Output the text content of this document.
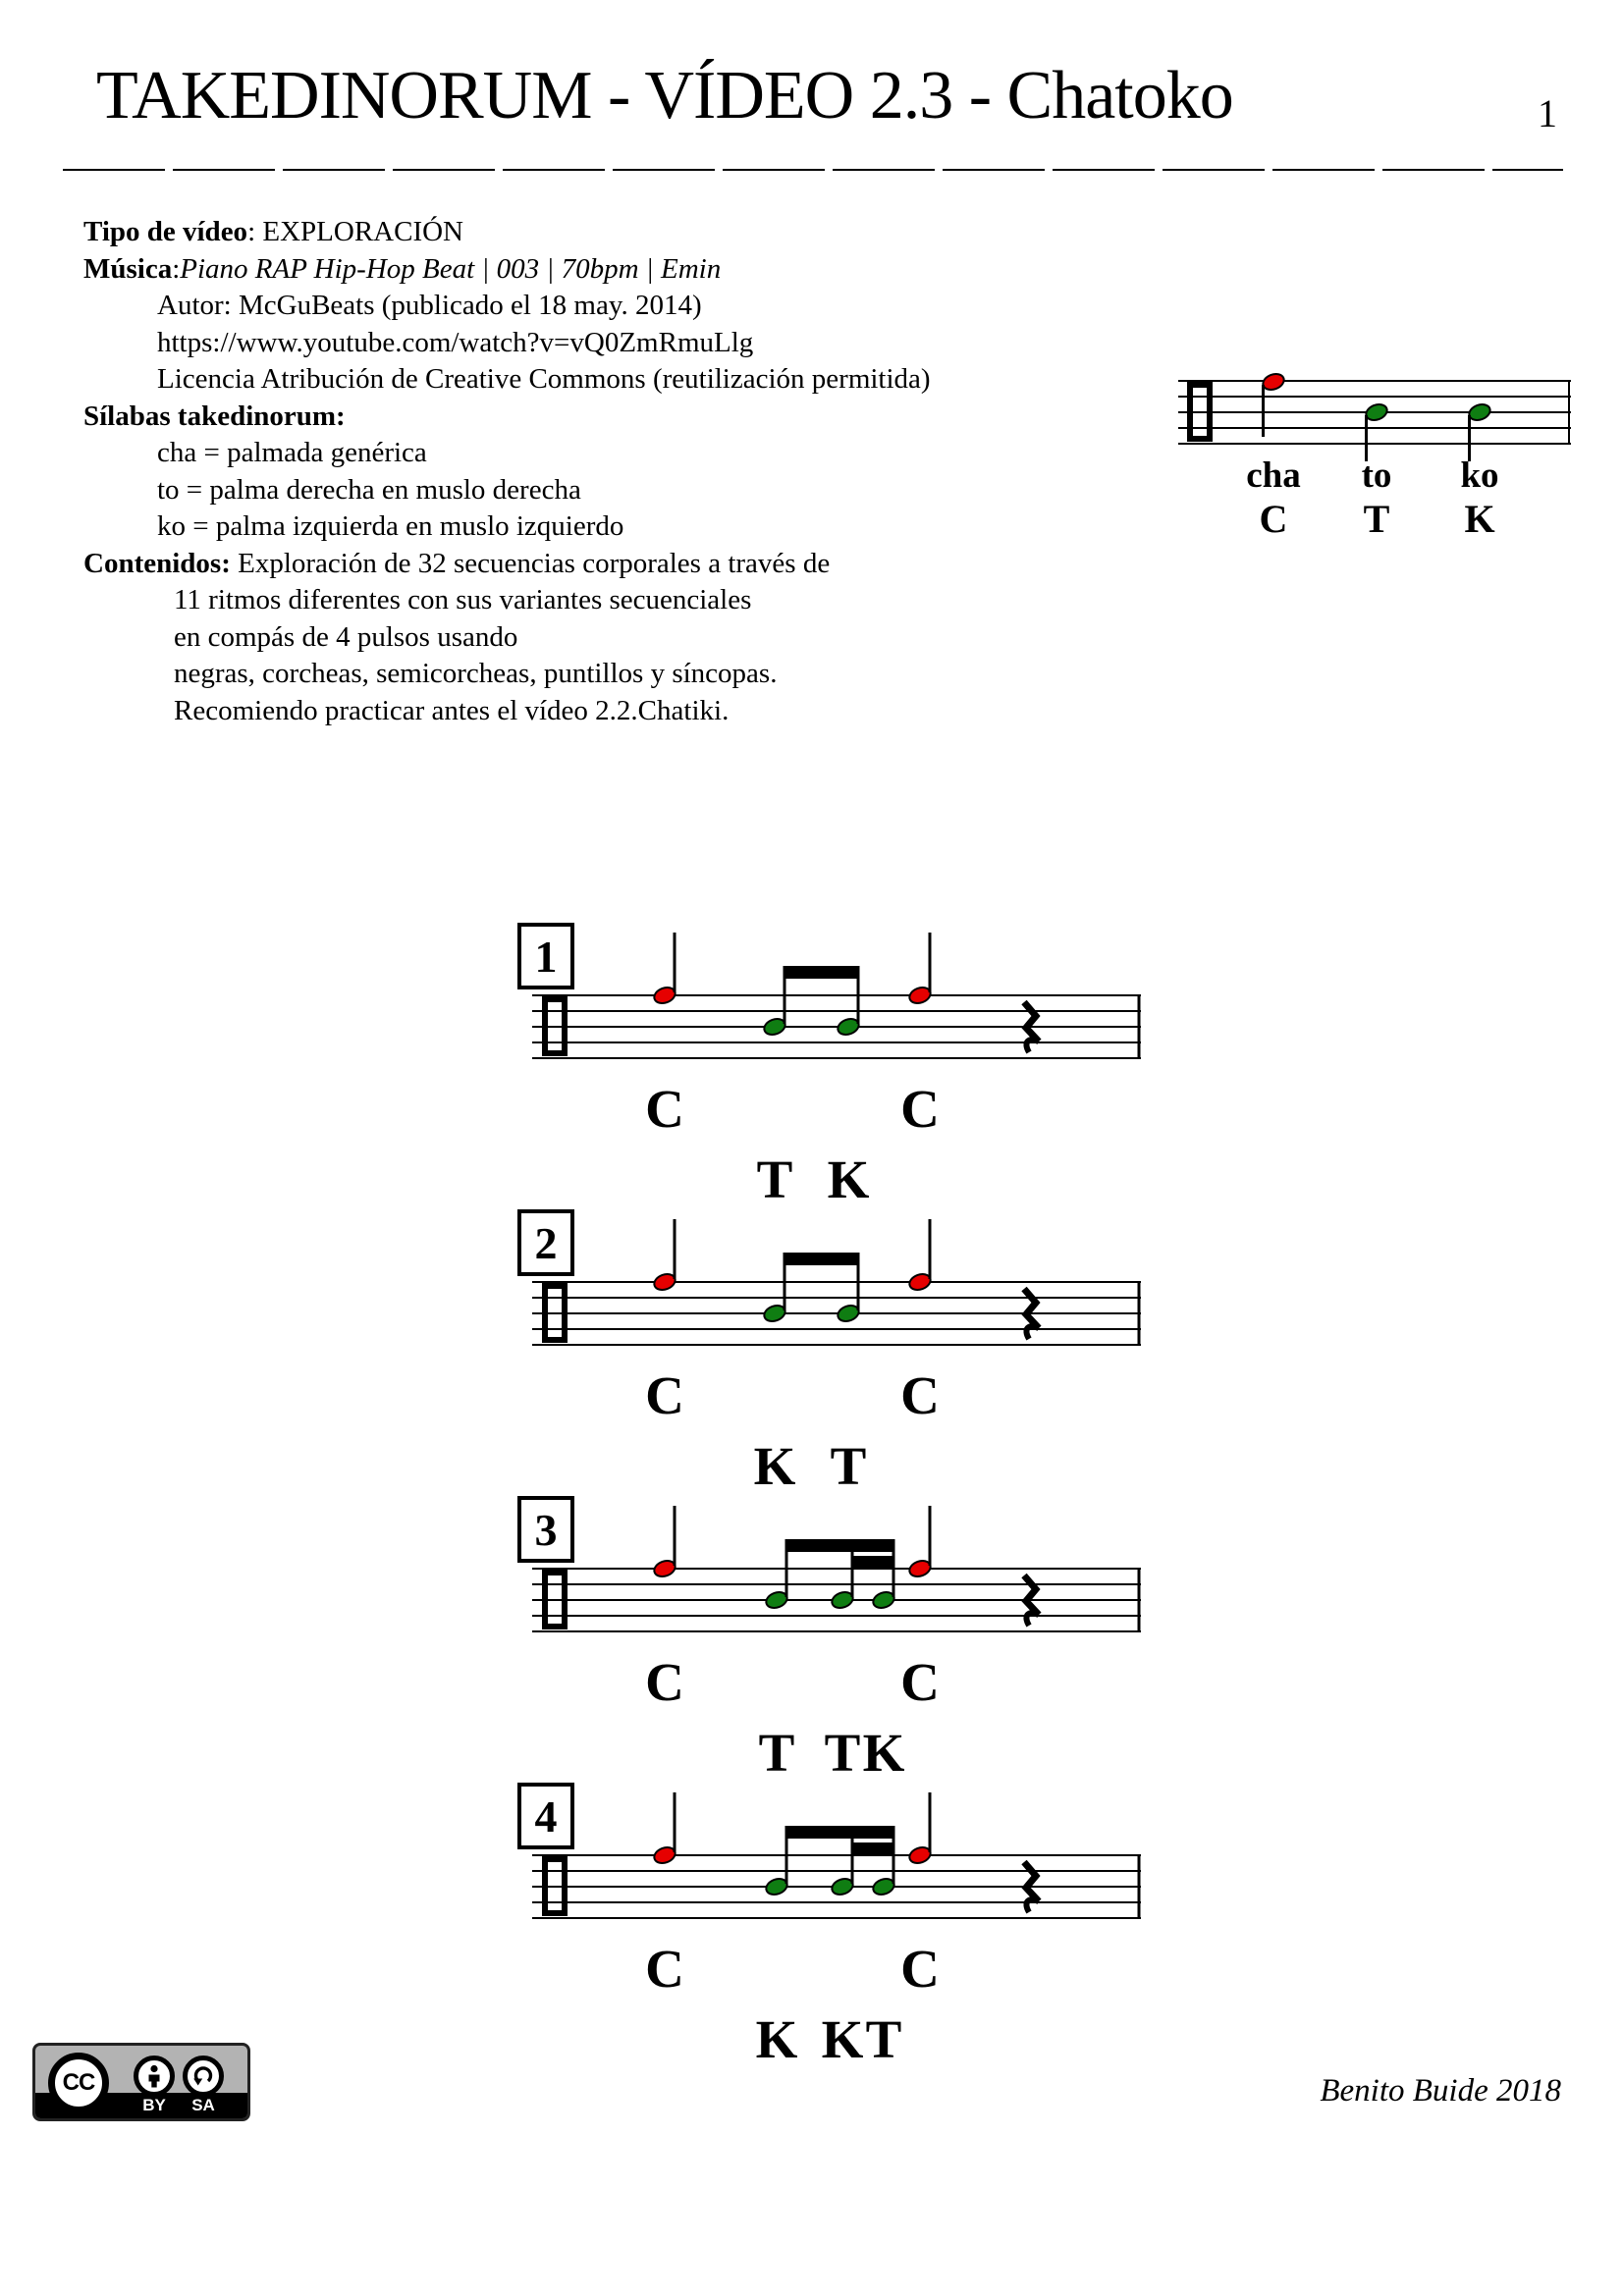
TAKEDINORUM - VÍDEO 2.3 - Chatoko	1
Tipo de vídeo: EXPLORACIÓN
Música:Piano RAP Hip-Hop Beat | 003 | 70bpm | Emin
Autor: McGuBeats (publicado el 18 may. 2014)
https://www.youtube.com/watch?v=vQ0ZmRmuLlg
Licencia Atribución de Creative Commons (reutilización permitida)
Sílabas takedinorum:
cha = palmada genérica
to = palma derecha en muslo derecha
ko = palma izquierda en muslo izquierdo
Contenidos: Exploración de 32 secuencias corporales a través de
11 ritmos diferentes con sus variantes secuenciales
en compás de 4 pulsos usando
negras, corcheas, semicorcheas, puntillos y síncopas.
Recomiendo practicar antes el vídeo 2.2.Chatiki.
cha to ko
C T K
1
C	C
T K
2
C	C
K T
3
C	C
T T K
4
C	C
K K T
CC
BY	SA	Benito Buide 2018
